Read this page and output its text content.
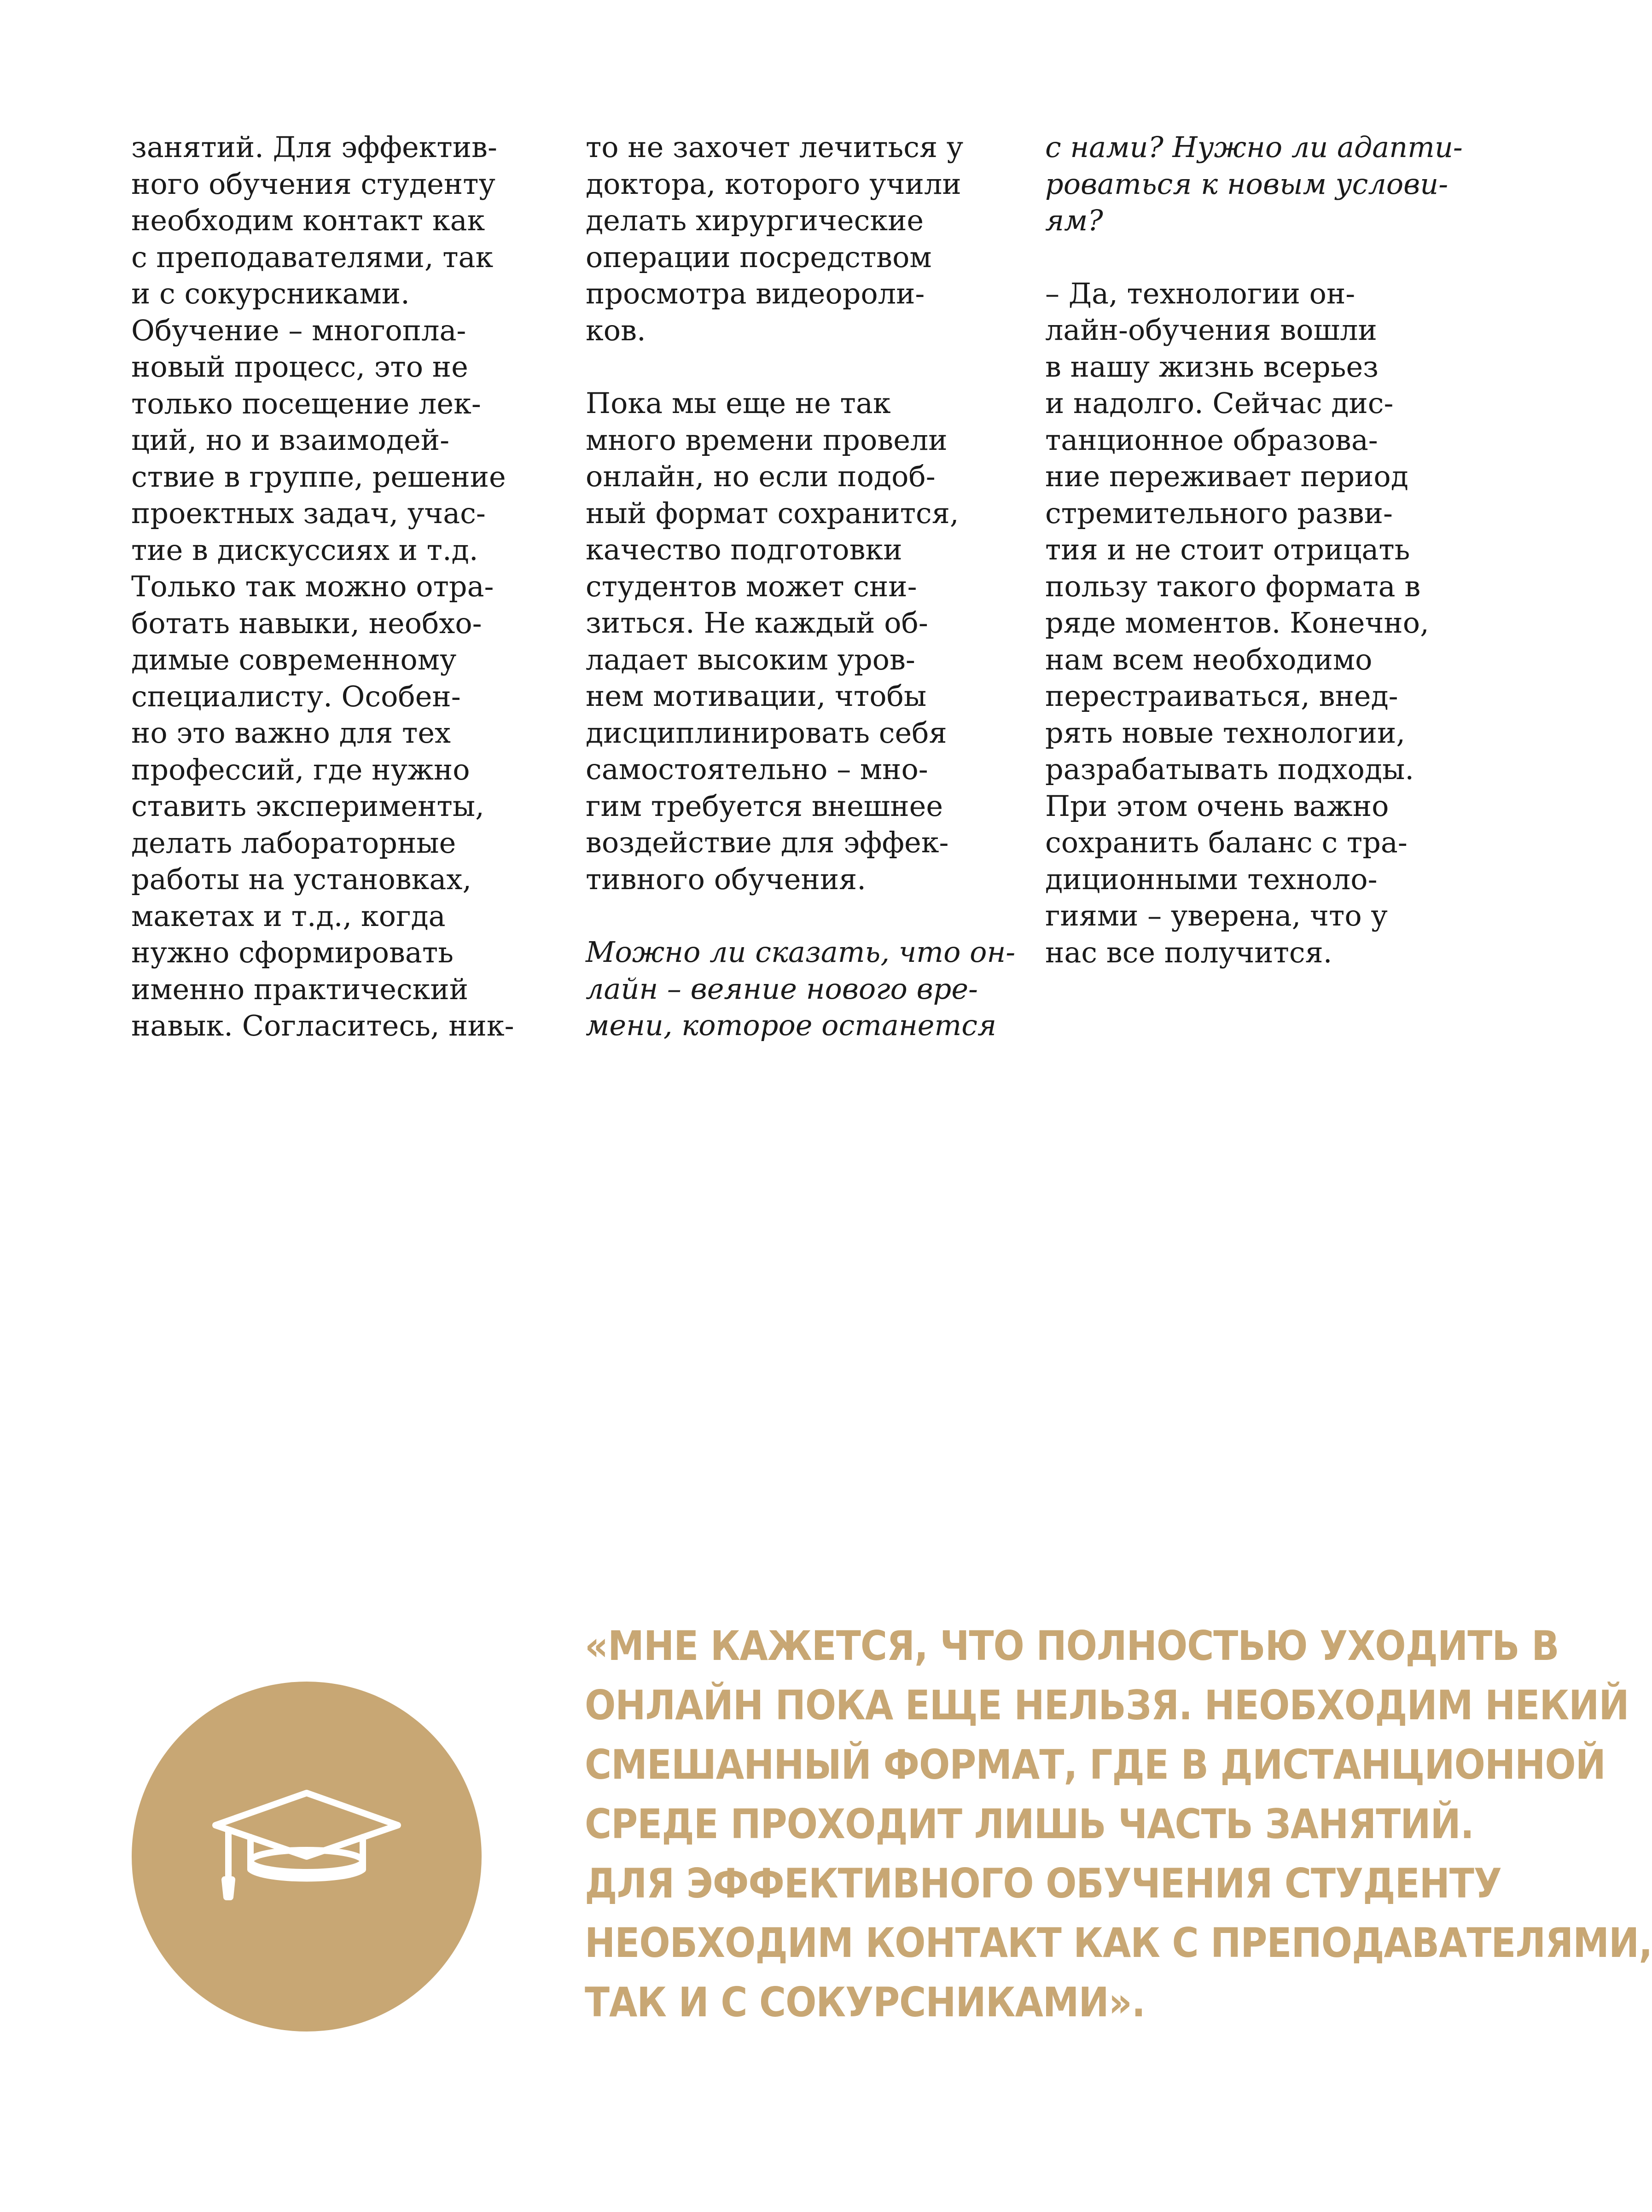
занятий. Для эффектив-
ного обучения студенту
необходим контакт как
с преподавателями, так
и с сокурсниками.
Обучение – многопла-
новый процесс, это не
только посещение лек-
ций, но и взаимодей-
ствие в группе, решение
проектных задач, учас-
тие в дискуссиях и т.д.
Только так можно отра-
ботать навыки, необхо-
димые современному
специалисту. Особен-
но это важно для тех
профессий, где нужно
ставить эксперименты,
делать лабораторные
работы на установках,
макетах и т.д., когда
нужно сформировать
именно практический
навык. Согласитесь, ник-

то не захочет лечиться у
доктора, которого учили
делать хирургические
операции посредством
просмотра видеороли-
ков.

Пока мы еще не так
много времени провели
онлайн, но если подоб-
ный формат сохранится,
качество подготовки
студентов может сни-
зиться. Не каждый об-
ладает высоким уров-
нем мотивации, чтобы
дисциплинировать себя
самостоятельно – мно-
гим требуется внешнее
воздействие для эффек-
тивного обучения.

Можно ли сказать, что он-
лайн – веяние нового вре-
мени, которое останется

с нами? Нужно ли адапти-
роваться к новым услови-
ям?

– Да, технологии он-
лайн-обучения вошли
в нашу жизнь всерьез
и надолго. Сейчас дис-
танционное образова-
ние переживает период
стремительного разви-
тия и не стоит отрицать
пользу такого формата в
ряде моментов. Конечно,
нам всем необходимо
перестраиваться, внед-
рять новые технологии,
разрабатывать подходы.
При этом очень важно
сохранить баланс с тра-
диционными техноло-
гиями – уверена, что у
нас все получится.

«МНЕ КАЖЕТСЯ, ЧТО ПОЛНОСТЬЮ УХОДИТЬ В
ОНЛАЙН ПОКА ЕЩЕ НЕЛЬЗЯ. НЕОБХОДИМ НЕКИЙ
СМЕШАННЫЙ ФОРМАТ, ГДЕ В ДИСТАНЦИОННОЙ
СРЕДЕ ПРОХОДИТ ЛИШЬ ЧАСТЬ ЗАНЯТИЙ.
ДЛЯ ЭФФЕКТИВНОГО ОБУЧЕНИЯ СТУДЕНТУ
НЕОБХОДИМ КОНТАКТ КАК С ПРЕПОДАВАТЕЛЯМИ,
ТАК И С СОКУРСНИКАМИ».
